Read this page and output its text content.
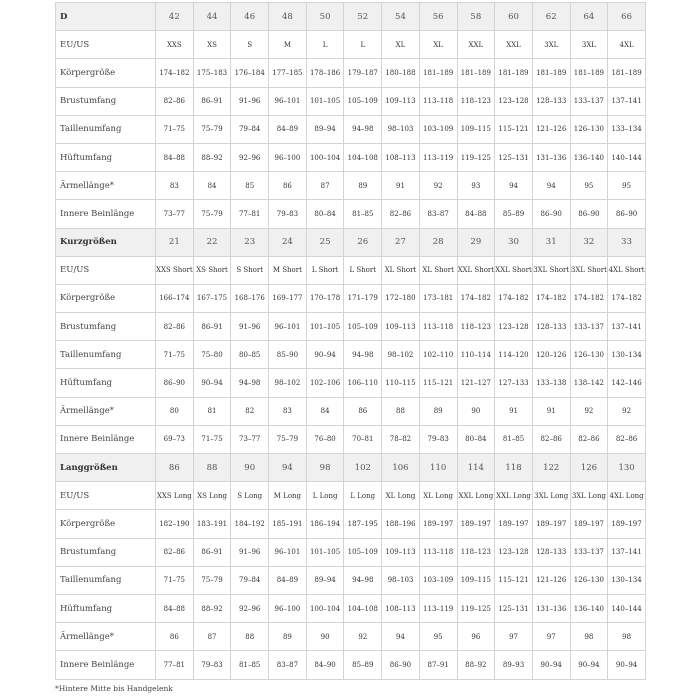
D	42	44	46	48	50	52	54	56	58	60	62	64	66
EU/US	XXS	XS	S	M	L	L	XL	XL	XXL	XXL	3XL	3XL	4XL
Körpergröße	174–182	175–183	176–184	177–185	178–186	179–187	180–188	181–189	181–189	181–189	181–189	181–189	181–189
Brustumfang	82–86	86–91	91–96	96–101	101–105	105–109	109–113	113–118	118–123	123–128	128–133	133–137	137–141
Taillenumfang	71–75	75–79	79–84	84–89	89–94	94–98	98–103	103–109	109–115	115–121	121–126	126–130	133–134
Hüftumfang	84–88	88–92	92–96	96–100	100–104	104–108	108–113	113–119	119–125	125–131	131–136	136–140	140–144
Ärmellänge*	83	84	85	86	87	89	91	92	93	94	94	95	95
Innere Beinlänge	73–77	75–79	77–81	79–83	80–84	81–85	82–86	83–87	84–88	85–89	86–90	86–90	86–90
Kurzgrößen	21	22	23	24	25	26	27	28	29	30	31	32	33
EU/US	XXS Short	XS Short	S Short	M Short	L Short	L Short	XL Short	XL Short	XXL Short	XXL Short	3XL Short	3XL Short	4XL Short
Körpergröße	166–174	167–175	168–176	169–177	170–178	171–179	172–180	173–181	174–182	174–182	174–182	174–182	174–182
Brustumfang	82–86	86–91	91–96	96–101	101–105	105–109	109–113	113–118	118–123	123–128	128–133	133–137	137–141
Taillenumfang	71–75	75–80	80–85	85–90	90–94	94–98	98–102	102–110	110–114	114–120	120–126	126–130	130–134
Hüftumfang	86–90	90–94	94–98	98–102	102–106	106–110	110–115	115–121	121–127	127–133	133–138	138–142	142–146
Ärmellänge*	80	81	82	83	84	86	88	89	90	91	91	92	92
Innere Beinlänge	69–73	71–75	73–77	75–79	76–80	70–81	78–82	79–83	80–84	81–85	82–86	82–86	82–86
Langgrößen	86	88	90	94	98	102	106	110	114	118	122	126	130
EU/US	XXS Long	XS Long	S Long	M Long	L Long	L Long	XL Long	XL Long	XXL Long	XXL Long	3XL Long	3XL Long	4XL Long
Körpergröße	182–190	183–191	184–192	185–191	186–194	187–195	188–196	189–197	189–197	189–197	189–197	189–197	189–197
Brustumfang	82–86	86–91	91–96	96–101	101–105	105–109	109–113	113–118	118–123	123–128	128–133	133–137	137–141
Taillenumfang	71–75	75–79	79–84	84–89	89–94	94–98	98–103	103–109	109–115	115–121	121–126	126–130	130–134
Hüftumfang	84–88	88–92	92–96	96–100	100–104	104–108	108–113	113–119	119–125	125–131	131–136	136–140	140–144
Ärmellänge*	86	87	88	89	90	92	94	95	96	97	97	98	98
Innere Beinlänge	77–81	79–83	81–85	83–87	84–90	85–89	86–90	87–91	88–92	89–93	90–94	90–94	90–94
*Hintere Mitte bis Handgelenk
